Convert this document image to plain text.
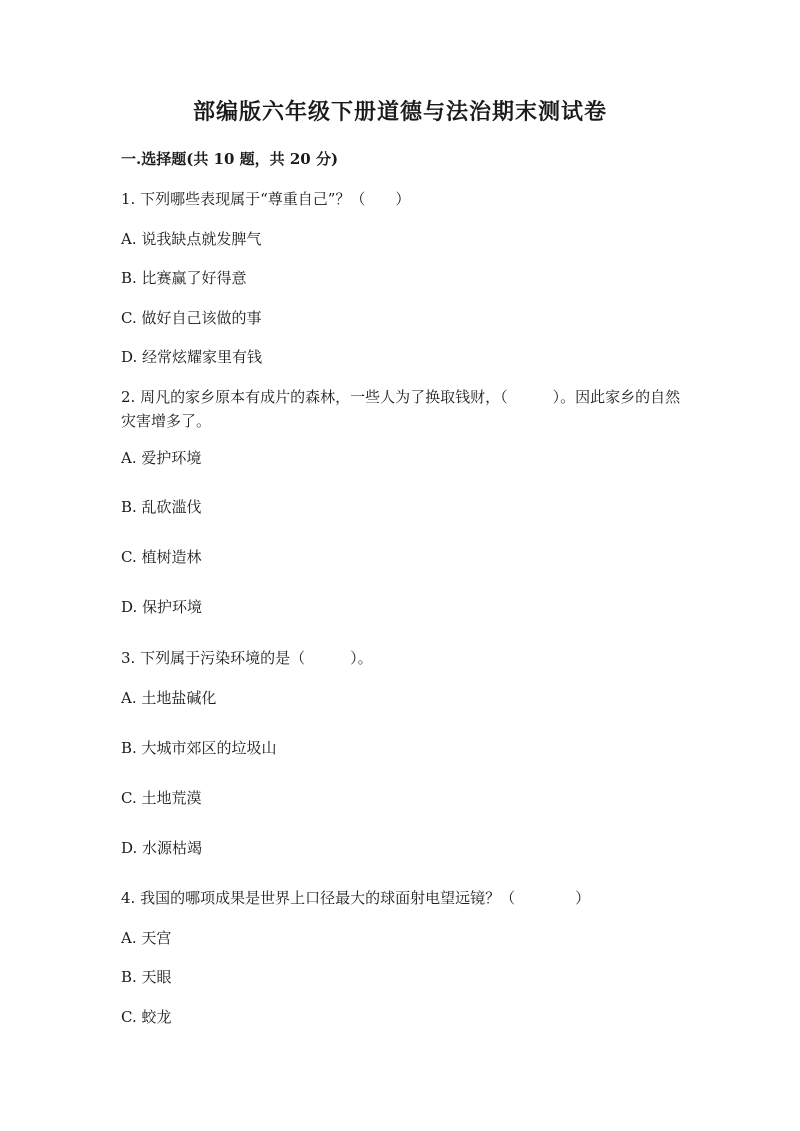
部编版六年级下册道德与法治期末测试卷

一.选择题(共 10 题，共 20 分)

1. 下列哪些表现属于“尊重自己”？（　　）

A. 说我缺点就发脾气

B. 比赛赢了好得意

C. 做好自己该做的事

D. 经常炫耀家里有钱

2. 周凡的家乡原本有成片的森林，一些人为了换取钱财，（　　　）。因此家乡的自然灾害增多了。

A. 爱护环境

B. 乱砍滥伐

C. 植树造林

D. 保护环境

3. 下列属于污染环境的是（　　　）。

A. 土地盐碱化

B. 大城市郊区的垃圾山

C. 土地荒漠

D. 水源枯竭

4. 我国的哪项成果是世界上口径最大的球面射电望远镜？（　　　　）

A. 天宫

B. 天眼

C. 蛟龙
